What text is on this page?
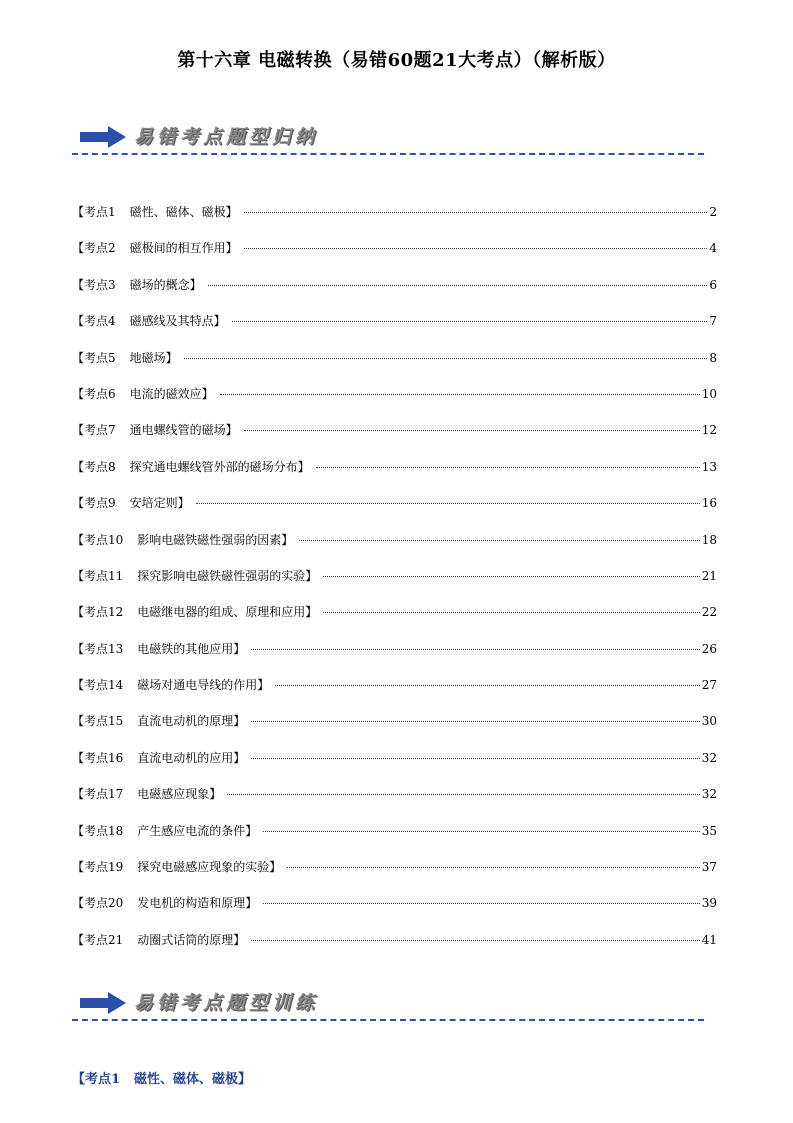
第十六章 电磁转换（易错60题21大考点）（解析版）
易错考点题型归纳
【考点1 磁性、磁体、磁极】	2
【考点2 磁极间的相互作用】	4
【考点3 磁场的概念】	6
【考点4 磁感线及其特点】	7
【考点5 地磁场】	8
【考点6 电流的磁效应】	10
【考点7 通电螺线管的磁场】	12
【考点8 探究通电螺线管外部的磁场分布】	13
【考点9 安培定则】	16
【考点10 影响电磁铁磁性强弱的因素】	18
【考点11 探究影响电磁铁磁性强弱的实验】	21
【考点12 电磁继电器的组成、原理和应用】	22
【考点13 电磁铁的其他应用】	26
【考点14 磁场对通电导线的作用】	27
【考点15 直流电动机的原理】	30
【考点16 直流电动机的应用】	32
【考点17 电磁感应现象】	32
【考点18 产生感应电流的条件】	35
【考点19 探究电磁感应现象的实验】	37
【考点20 发电机的构造和原理】	39
【考点21 动圈式话筒的原理】	41
易错考点题型训练
【考点1 磁性、磁体、磁极】
